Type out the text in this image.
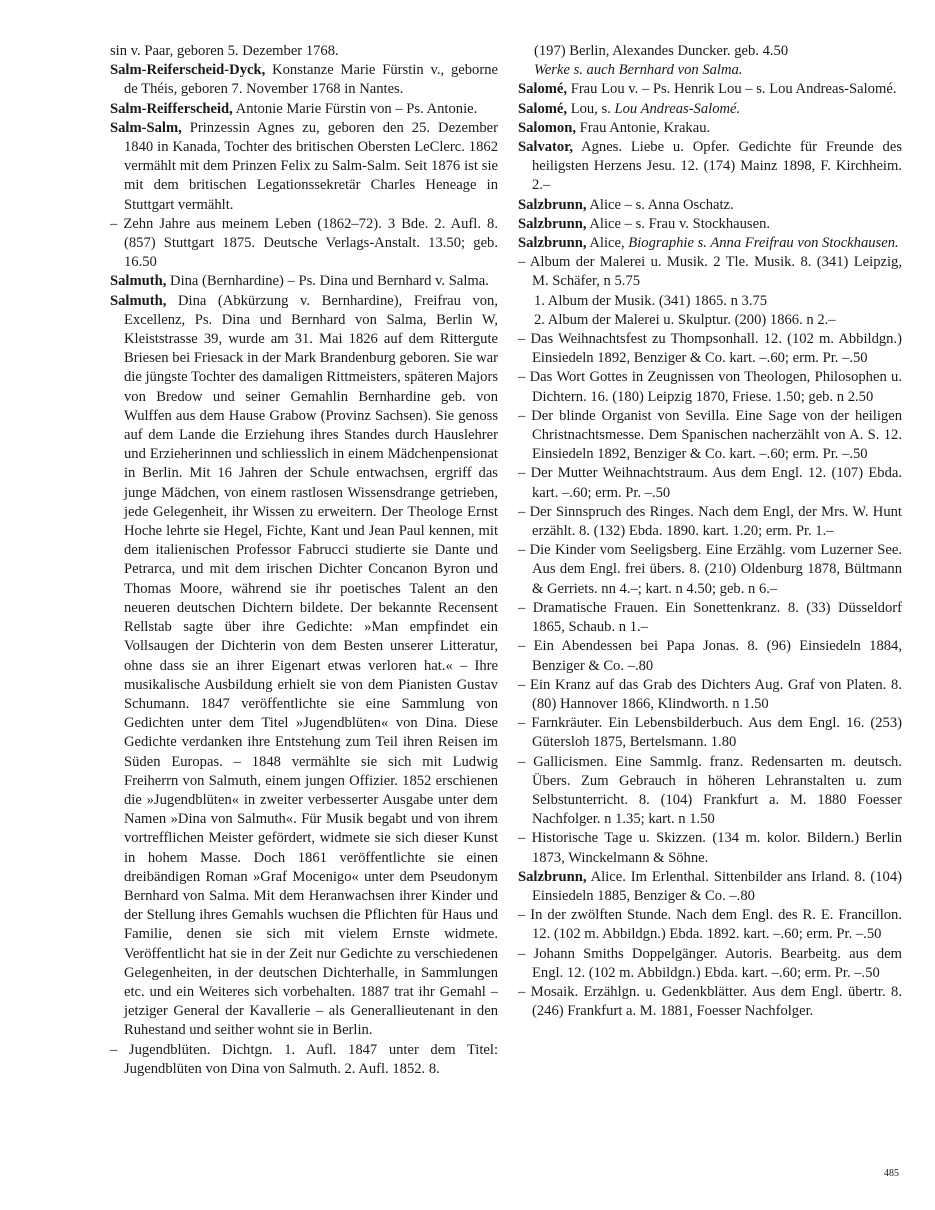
sin v. Paar, geboren 5. Dezember 1768.

Salm-Reiferscheid-Dyck, Konstanze Marie Fürstin v., geborne de Théis, geboren 7. November 1768 in Nantes.

Salm-Reifferscheid, Antonie Marie Fürstin von – Ps. Antonie.

Salm-Salm, Prinzessin Agnes zu, geboren den 25. Dezember 1840 in Kanada, Tochter des britischen Obersten LeClerc. 1862 vermählt mit dem Prinzen Felix zu Salm-Salm. Seit 1876 ist sie mit dem britischen Legationssekretär Charles Heneage in Stuttgart vermählt.

– Zehn Jahre aus meinem Leben (1862–72). 3 Bde. 2. Aufl. 8. (857) Stuttgart 1875. Deutsche Verlags-Anstalt. 13.50; geb. 16.50

Salmuth, Dina (Bernhardine) – Ps. Dina und Bernhard v. Salma.

Salmuth, Dina (Abkürzung v. Bernhardine), Freifrau von, Excellenz, Ps. Dina und Bernhard von Salma, Berlin W, Kleiststrasse 39, wurde am 31. Mai 1826 auf dem Rittergute Briesen bei Friesack in der Mark Brandenburg geboren. Sie war die jüngste Tochter des damaligen Rittmeisters, späteren Majors von Bredow und seiner Gemahlin Bernhardine geb. von Wulffen aus dem Hause Grabow (Provinz Sachsen). Sie genoss auf dem Lande die Erziehung ihres Standes durch Hauslehrer und Erzieherinnen und schliesslich in einem Mädchenpensionat in Berlin. Mit 16 Jahren der Schule entwachsen, ergriff das junge Mädchen, von einem rastlosen Wissensdrange getrieben, jede Gelegenheit, ihr Wissen zu erweitern. Der Theologe Ernst Hoche lehrte sie Hegel, Fichte, Kant und Jean Paul kennen, mit dem italienischen Professor Fabrucci studierte sie Dante und Petrarca, und mit dem irischen Dichter Concanon Byron und Thomas Moore, während sie ihr poetisches Talent an den neueren deutschen Dichtern bildete. Der bekannte Recensent Rellstab sagte über ihre Gedichte: »Man empfindet ein Vollsaugen der Dichterin von dem Besten unserer Litteratur, ohne dass sie an ihrer Eigenart etwas verloren hat.« – Ihre musikalische Ausbildung erhielt sie von dem Pianisten Gustav Schumann. 1847 veröffentlichte sie eine Sammlung von Gedichten unter dem Titel »Jugendblüten« von Dina. Diese Gedichte verdanken ihre Entstehung zum Teil ihren Reisen im Süden Europas. – 1848 vermählte sie sich mit Ludwig Freiherrn von Salmuth, einem jungen Offizier. 1852 erschienen die »Jugendblüten« in zweiter verbesserter Ausgabe unter dem Namen »Dina von Salmuth«. Für Musik begabt und von ihrem vortrefflichen Meister gefördert, widmete sie sich dieser Kunst in hohem Masse. Doch 1861 veröffentlichte sie einen dreibändigen Roman »Graf Mocenigo« unter dem Pseudonym Bernhard von Salma. Mit dem Heranwachsen ihrer Kinder und der Stellung ihres Gemahls wuchsen die Pflichten für Haus und Familie, denen sie sich mit vielem Ernste widmete. Veröffentlicht hat sie in der Zeit nur Gedichte zu verschiedenen Gelegenheiten, in der deutschen Dichterhalle, in Sammlungen etc. und ein Weiteres sich vorbehalten. 1887 trat ihr Gemahl – jetziger General der Kavallerie – als Generallieutenant in den Ruhestand und seither wohnt sie in Berlin.

– Jugendblüten. Dichtgn. 1. Aufl. 1847 unter dem Titel: Jugendblüten von Dina von Salmuth. 2. Aufl. 1852. 8.

(197) Berlin, Alexandes Duncker. geb. 4.50

Werke s. auch Bernhard von Salma.

Salomé, Frau Lou v. – Ps. Henrik Lou – s. Lou Andreas-Salomé.

Salomé, Lou, s. Lou Andreas-Salomé.

Salomon, Frau Antonie, Krakau.

Salvator, Agnes. Liebe u. Opfer. Gedichte für Freunde des heiligsten Herzens Jesu. 12. (174) Mainz 1898, F. Kirchheim. 2.–

Salzbrunn, Alice – s. Anna Oschatz.

Salzbrunn, Alice – s. Frau v. Stockhausen.

Salzbrunn, Alice, Biographie s. Anna Freifrau von Stockhausen.

– Album der Malerei u. Musik. 2 Tle. Musik. 8. (341) Leipzig, M. Schäfer, n 5.75

1. Album der Musik. (341) 1865. n 3.75

2. Album der Malerei u. Skulptur. (200) 1866. n 2.–

– Das Weihnachtsfest zu Thompsonhall. 12. (102 m. Abbildgn.) Einsiedeln 1892, Benziger & Co. kart. –.60; erm. Pr. –.50

– Das Wort Gottes in Zeugnissen von Theologen, Philosophen u. Dichtern. 16. (180) Leipzig 1870, Friese. 1.50; geb. n 2.50

– Der blinde Organist von Sevilla. Eine Sage von der heiligen Christnachtsmesse. Dem Spanischen nacherzählt von A. S. 12. Einsiedeln 1892, Benziger & Co. kart. –.60; erm. Pr. –.50

– Der Mutter Weihnachtstraum. Aus dem Engl. 12. (107) Ebda. kart. –.60; erm. Pr. –.50

– Der Sinnspruch des Ringes. Nach dem Engl, der Mrs. W. Hunt erzählt. 8. (132) Ebda. 1890. kart. 1.20; erm. Pr. 1.–

– Die Kinder vom Seeligsberg. Eine Erzählg. vom Luzerner See. Aus dem Engl. frei übers. 8. (210) Oldenburg 1878, Bültmann & Gerriets. nn 4.–; kart. n 4.50; geb. n 6.–

– Dramatische Frauen. Ein Sonettenkranz. 8. (33) Düsseldorf 1865, Schaub. n 1.–

– Ein Abendessen bei Papa Jonas. 8. (96) Einsiedeln 1884, Benziger & Co. –.80

– Ein Kranz auf das Grab des Dichters Aug. Graf von Platen. 8. (80) Hannover 1866, Klindworth. n 1.50

– Farnkräuter. Ein Lebensbilderbuch. Aus dem Engl. 16. (253) Gütersloh 1875, Bertelsmann. 1.80

– Gallicismen. Eine Sammlg. franz. Redensarten m. deutsch. Übers. Zum Gebrauch in höheren Lehranstalten u. zum Selbstunterricht. 8. (104) Frankfurt a. M. 1880 Foesser Nachfolger. n 1.35; kart. n 1.50

– Historische Tage u. Skizzen. (134 m. kolor. Bildern.) Berlin 1873, Winckelmann & Söhne.

Salzbrunn, Alice. Im Erlenthal. Sittenbilder ans Irland. 8. (104) Einsiedeln 1885, Benziger & Co. –.80

– In der zwölften Stunde. Nach dem Engl. des R. E. Francillon. 12. (102 m. Abbildgn.) Ebda. 1892. kart. –.60; erm. Pr. –.50

– Johann Smiths Doppelgänger. Autoris. Bearbeitg. aus dem Engl. 12. (102 m. Abbildgn.) Ebda. kart. –.60; erm. Pr. –.50

– Mosaik. Erzählgn. u. Gedenkblätter. Aus dem Engl. übertr. 8. (246) Frankfurt a. M. 1881, Foesser Nachfolger.

485
